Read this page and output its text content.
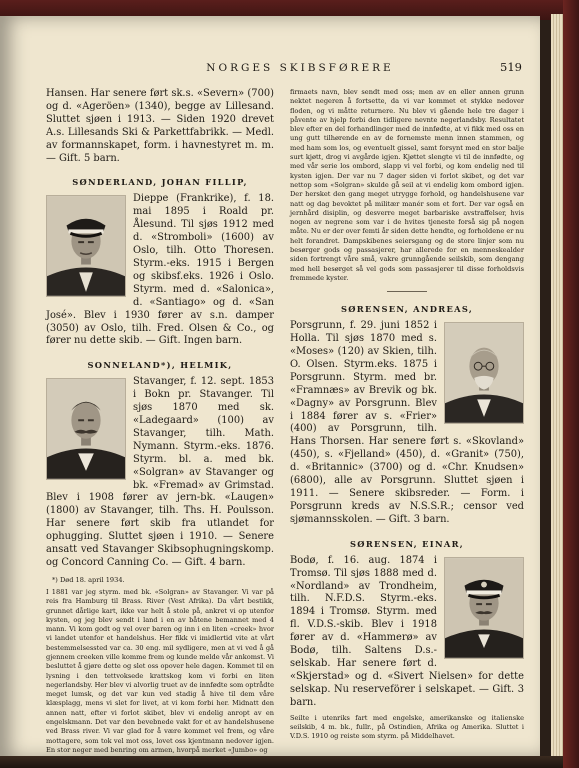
NORGES SKIBSFØRERE	519

Hansen. Har senere ført sk.s. «Severn» (700) og d. «Ageröen» (1340), begge av Lillesand. Sluttet sjøen i 1913. — Siden 1920 drevet A.s. Lillesands Ski & Parkettfabrikk. — Medl. av formannskapet, form. i havnestyret m. m. — Gift. 5 barn.

SØNDERLAND, JOHAN FILLIP,

Dieppe (Frankrike), f. 18. mai 1895 i Roald pr. Ålesund. Til sjøs 1912 med d. «Stromboli» (1600) av Oslo, tilh. Otto Thoresen. Styrm.-eks. 1915 i Bergen og skibsf.eks. 1926 i Oslo. Styrm. med d. «Salonica», d. «Santiago» og d. «San José». Blev i 1930 fører av s.n. damper (3050) av Oslo, tilh. Fred. Olsen & Co., og fører nu dette skib. — Gift. Ingen barn.

SONNELAND*), HELMIK,

Stavanger, f. 12. sept. 1853 i Bokn pr. Stavanger. Til sjøs 1870 med sk. «Ladegaard» (100) av Stavanger, tilh. Math. Nymann. Styrm.-eks. 1876. Styrm. bl. a. med bk. «Solgran» av Stavanger og bk. «Fremad» av Grimstad. Blev i 1908 fører av jern-bk. «Laugen» (1800) av Stavanger, tilh. Ths. H. Poulsson. Har senere ført skib fra utlandet for ophugging. Sluttet sjøen i 1910. — Senere ansatt ved Stavanger Skibsophugningskomp. og Concord Canning Co. — Gift. 4 barn.

*) Død 18. april 1934.

I 1881 var jeg styrm. med bk. «Solgran» av Stavanger. Vi var på reis fra Hamburg til Brass. River (Vest Afrika). Da vårt bestikk, grunnet dårlige kart, ikke var helt å stole på, ankret vi op utenfor kysten, og jeg blev sendt i land i en av båtene bemannet med 4 mann. Vi kom godt og vel over baren og inn i en liten «creek» hvor vi landet utenfor et handelshus. Her fikk vi imidlertid vite at vårt bestemmelsessted var ca. 30 eng. mil sydligere, men at vi ved å gå gjennem creeken ville komme frem og kunde melde vår ankomst. Vi besluttet å gjøre dette og slet oss opover hele dagen. Kommet til en lysning i den tettvoksede krattskog kom vi forbi en liten negerlandsby. Her blev vi alvorlig truet av de innfødte som optrådte meget lumsk, og det var kun ved stadig å hive til dem våre klæsplagg, mens vi slet for livet, at vi kom forbi her. Midnatt den annen natt, efter vi forlot skibet, blev vi endelig anropt av en engelskmann. Det var den bevebnede vakt for et av handelshusene ved Brass river. Vi var glad for å være kommet vel frem, og våre mottagere, som tok vel mot oss, lovet oss kjentmann nedover igjen. En stor neger med benring om armen, hvorpå merket «Jumbo» og

firmaets navn, blev sendt med oss; men av en eller annen grunn nektet negeren å fortsette, da vi var kommet et stykke nedover floden, og vi måtte returnere. Nu blev vi gående hele tre dager i påvente av hjelp forbi den tidligere nevnte negerlandsby. Resultatet blev efter en del forhandlinger med de innfødte, at vi fikk med oss en ung gutt tilhørende en av de fornemste menn innen stammen, og med ham som los, og eventuelt gissel, samt forsynt med en stor balje surt kjøtt, drog vi avgårde igjen. Kjøttet slengte vi til de innfødte, og med vår serie los ombord, slapp vi vel forbi, og kom endelig ned til kysten igjen. Der var nu 7 dager siden vi forlot skibet, og det var nettop som «Solgran» skulde gå seil at vi endelig kom ombord igjen. Der hersket den gang meget utrygge forhold, og handelshusene var natt og dag bevoktet på militær manér som et fort. Der var også en jernhård disiplin, og desverre meget barbariske avstraffelser, hvis nogen av negrene som var i de hvites tjeneste forså sig på nogen måte. Nu er der over femti år siden dette hendte, og forholdene er nu helt forandret. Dampskibenes seiersgang og de store linjer som nu besørger gods og passasjerer, har allerede for en menneskealder siden fortrengt våre små, vakre grunngående seilskib, som dengang med hell besørget så vel gods som passasjerer til disse forholdsvis fremmede kyster.

SØRENSEN, ANDREAS,

Porsgrunn, f. 29. juni 1852 i Holla. Til sjøs 1870 med s. «Moses» (120) av Skien, tilh. O. Olsen. Styrm.eks. 1875 i Porsgrunn. Styrm. med br. «Framnæs» av Brevik og bk. «Dagny» av Porsgrunn. Blev i 1884 fører av s. «Frier» (400) av Porsgrunn, tilh. Hans Thorsen. Har senere ført s. «Skovland» (450), s. «Fjelland» (450), d. «Granit» (750), d. «Britannic» (3700) og d. «Chr. Knudsen» (6800), alle av Porsgrunn. Sluttet sjøen i 1911. — Senere skibsreder. — Form. i Porsgrunn kreds av N.S.S.R.; censor ved sjømannsskolen. — Gift. 3 barn.

SØRENSEN, EINAR,

Bodø, f. 16. aug. 1874 i Tromsø. Til sjøs 1888 med d. «Nordland» av Trondheim, tilh. N.F.D.S. Styrm.-eks. 1894 i Tromsø. Styrm. med fl. V.D.S.-skib. Blev i 1918 fører av d. «Hammerø» av Bodø, tilh. Saltens D.s.-selskab. Har senere ført d. «Skjerstad» og d. «Sivert Nielsen» for dette selskap. Nu reserveförer i selskapet. — Gift. 3 barn.

Seilte i utenriks fart med engelske, amerikanske og italienske seilskib, 4 m. bk., fullr., på Ostindien, Afrika og Amerika. Sluttet i V.D.S. 1910 og reiste som styrm. på Middelhavet.
